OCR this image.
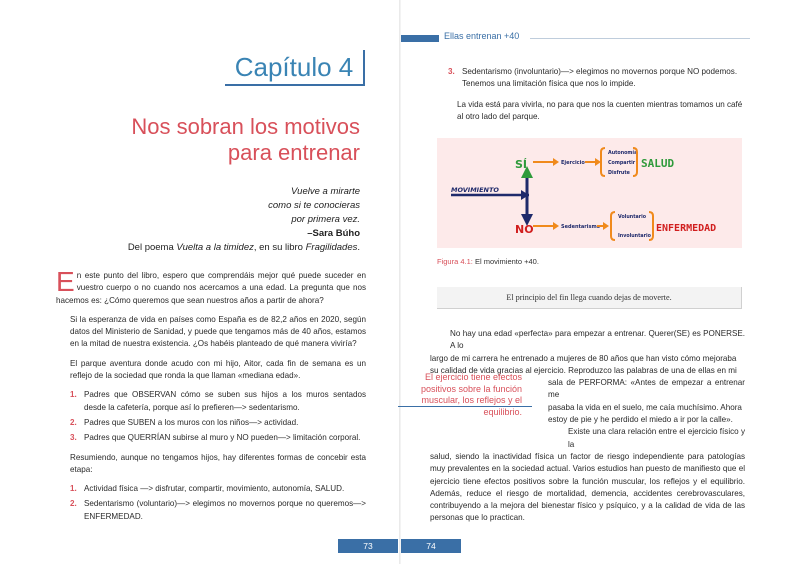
Capítulo 4
Nos sobran los motivos
para entrenar
Vuelve a mirarte
como si te conocieras
por primera vez.
–Sara Búho
Del poema Vuelta a la timidez, en su libro Fragilidades.

En este punto del libro, espero que comprendáis mejor qué puede suceder en vuestro cuerpo o no cuando nos acercamos a una edad. La pregunta que nos hacemos es: ¿Cómo queremos que sean nuestros años a partir de ahora?

Si la esperanza de vida en países como España es de 82,2 años en 2020, según datos del Ministerio de Sanidad, y puede que tengamos más de 40 años, estamos en la mitad de nuestra existencia. ¿Os habéis planteado de qué manera viviría?

El parque aventura donde acudo con mi hijo, Aitor, cada fin de semana es un reflejo de la sociedad que ronda la que llaman «mediana edad».

1. Padres que OBSERVAN cómo se suben sus hijos a los muros sentados desde la cafetería, porque así lo prefieren—> sedentarismo.
2. Padres que SUBEN a los muros con los niños—> actividad.
3. Padres que QUERRÍAN subirse al muro y NO pueden—> limitación corporal.

Resumiendo, aunque no tengamos hijos, hay diferentes formas de concebir esta etapa:

1. Actividad física —> disfrutar, compartir, movimiento, autonomía, SALUD.
2. Sedentarismo (voluntario)—> elegimos no movernos porque no queremos—> ENFERMEDAD.
73
Ellas entrenan +40
3. Sedentarismo (involuntario)—> elegimos no movernos porque NO podemos. Tenemos una limitación física que nos lo impide.

La vida está para vivirla, no para que nos la cuenten mientras tomamos un café al otro lado del parque.

MOVIMIENTO
SÍ	Ejercicio
Autonomía
Compartir
Disfrute
SALUD
NO	Sedentarismo
Voluntario
Involuntario
ENFERMEDAD
Figura 4.1: El movimiento +40.
El principio del fin llega cuando dejas de moverte.
No hay una edad «perfecta» para empezar a entrenar. Querer(SE) es PONERSE. A lo
largo de mi carrera he entrenado a mujeres de 80 años que han visto cómo mejoraba
su calidad de vida gracias al ejercicio. Reproduzco las palabras de una de ellas en mi
sala de PERFORMA: «Antes de empezar a entrenar me
pasaba la vida en el suelo, me caía muchísimo. Ahora
estoy de pie y he perdido el miedo a ir por la calle».
Existe una clara relación entre el ejercicio físico y la
salud, siendo la inactividad física un factor de riesgo independiente para patologías muy prevalentes en la sociedad actual. Varios estudios han puesto de manifiesto que el ejercicio tiene efectos positivos sobre la función muscular, los reflejos y el equilibrio. Además, reduce el riesgo de mortalidad, demencia, accidentes cerebrovasculares, contribuyendo a la mejora del bienestar físico y psíquico, y a la calidad de vida de las personas que lo practican.
El ejercicio tiene efectos positivos sobre la función muscular, los reflejos y el equilibrio.
74
